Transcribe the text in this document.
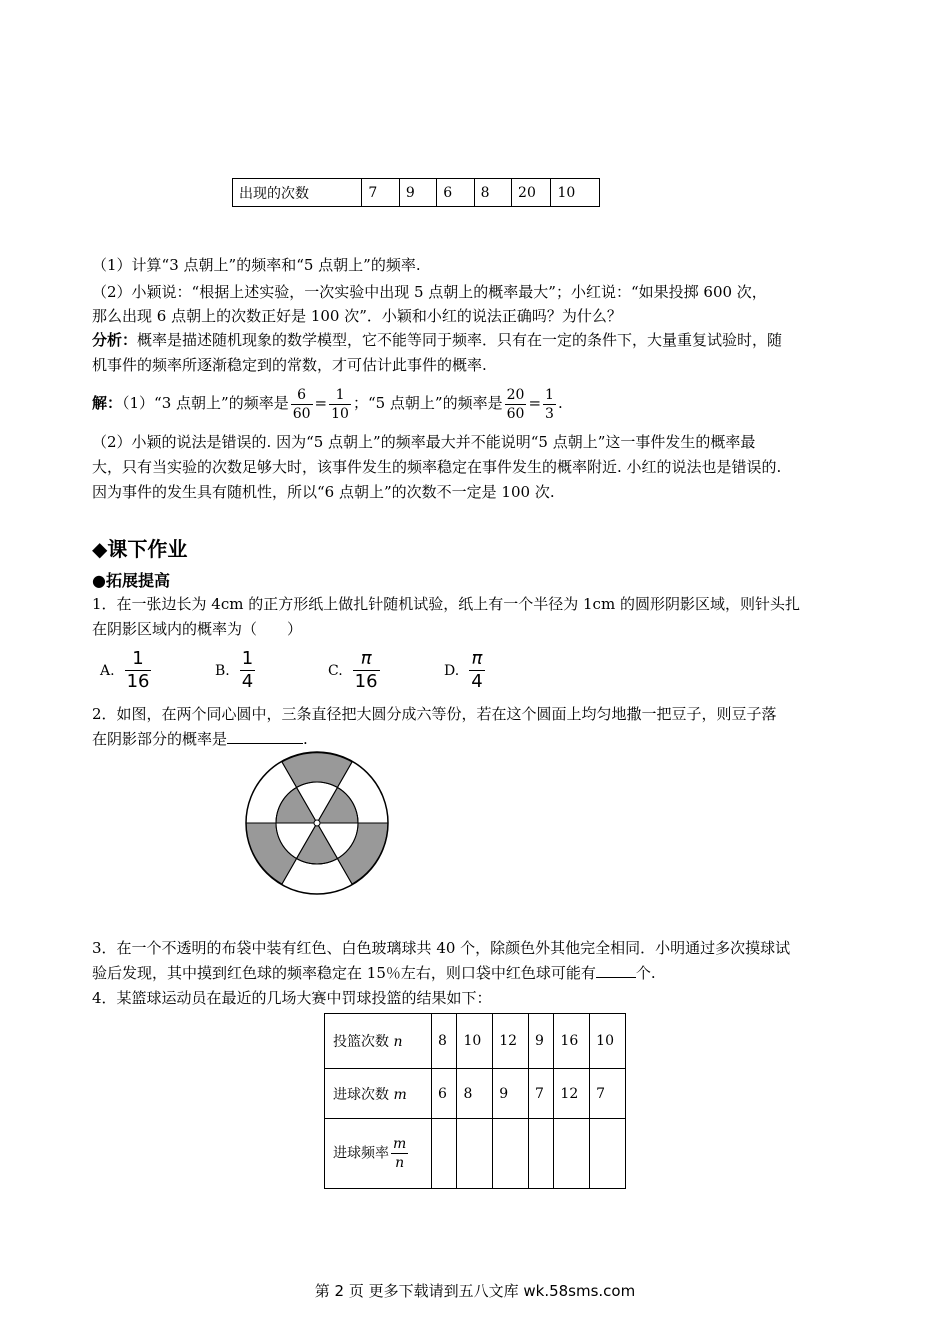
出现的次数	7	9	6	8	20	10
（1）计算“3 点朝上”的频率和“5 点朝上”的频率.
（2）小颖说：“根据上述实验，一次实验中出现 5 点朝上的概率最大”；小红说：“如果投掷 600 次，
那么出现 6 点朝上的次数正好是 100 次”．小颖和小红的说法正确吗？为什么？
分析：概率是描述随机现象的数学模型，它不能等同于频率．只有在一定的条件下，大量重复试验时，随
机事件的频率所逐渐稳定到的常数，才可估计此事件的概率.
解：（1）“3 点朝上”的频率是 $\frac{6}{60} = \frac{1}{10}$ ；“5 点朝上”的频率是 $\frac{20}{60} = \frac{1}{3}$ .
（2）小颖的说法是错误的. 因为“5 点朝上”的频率最大并不能说明“5 点朝上”这一事件发生的概率最
大，只有当实验的次数足够大时，该事件发生的频率稳定在事件发生的概率附近. 小红的说法也是错误的.
因为事件的发生具有随机性，所以“6 点朝上”的次数不一定是 100 次.
◆课下作业
●拓展提高
1．在一张边长为 4cm 的正方形纸上做扎针随机试验，纸上有一个半径为 1cm 的圆形阴影区域，则针头扎
在阴影区域内的概率为（　　）
A. $\frac{1}{16}$	B. $\frac{1}{4}$	C. $\frac{\pi}{16}$	D. $\frac{\pi}{4}$
2．如图，在两个同心圆中，三条直径把大圆分成六等份，若在这个圆面上均匀地撒一把豆子，则豆子落
在阴影部分的概率是	.
3．在一个不透明的布袋中装有红色、白色玻璃球共 40 个，除颜色外其他完全相同．小明通过多次摸球试
验后发现，其中摸到红色球的频率稳定在 15％左右，则口袋中红色球可能有	个.
4．某篮球运动员在最近的几场大赛中罚球投篮的结果如下：
投篮次数 n	8	10	12	9	16	10
进球次数 m	6	8	9	7	12	7
进球频率 $\frac{m}{n}$

第 2 页 更多下载请到五八文库 wk.58sms.com
